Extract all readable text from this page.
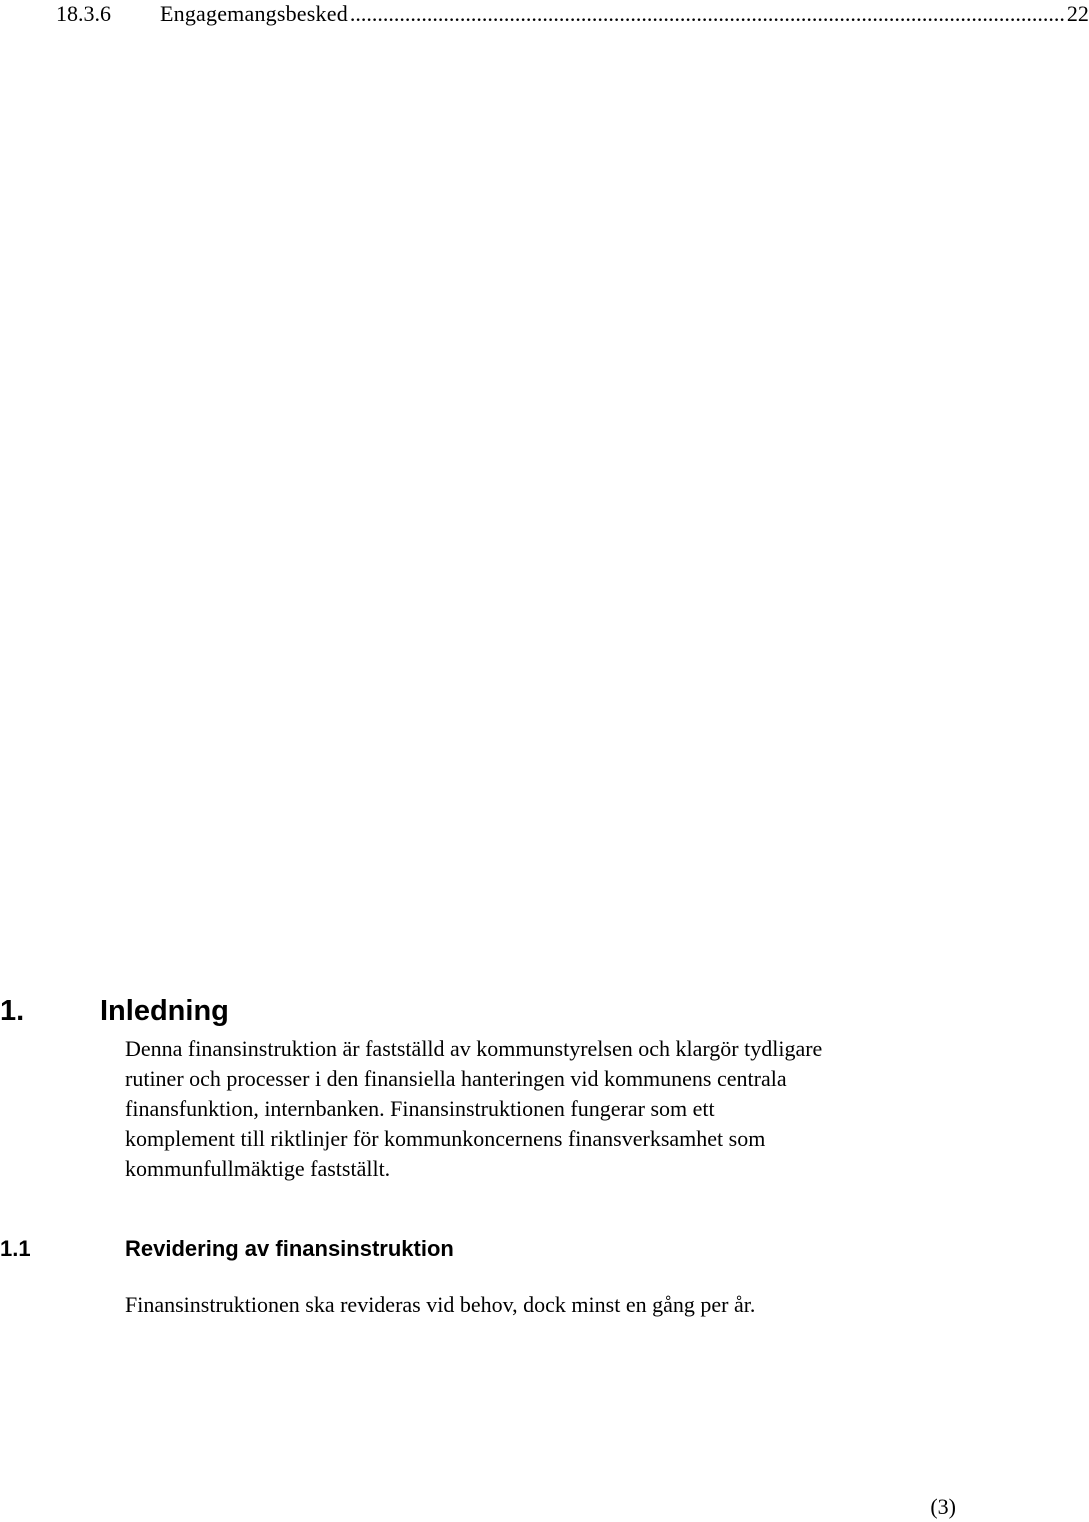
18.3.6	Engagemangsbesked .................................................................................................................................. 22
1.	Inledning
Denna finansinstruktion är fastställd av kommunstyrelsen och klargör tydligare
rutiner och processer i den finansiella hanteringen vid kommunens centrala
finansfunktion, internbanken. Finansinstruktionen fungerar som ett
komplement till riktlinjer för kommunkoncernens finansverksamhet som
kommunfullmäktige fastställt.
1.1	Revidering av finansinstruktion
Finansinstruktionen ska revideras vid behov, dock minst en gång per år.
(3)
